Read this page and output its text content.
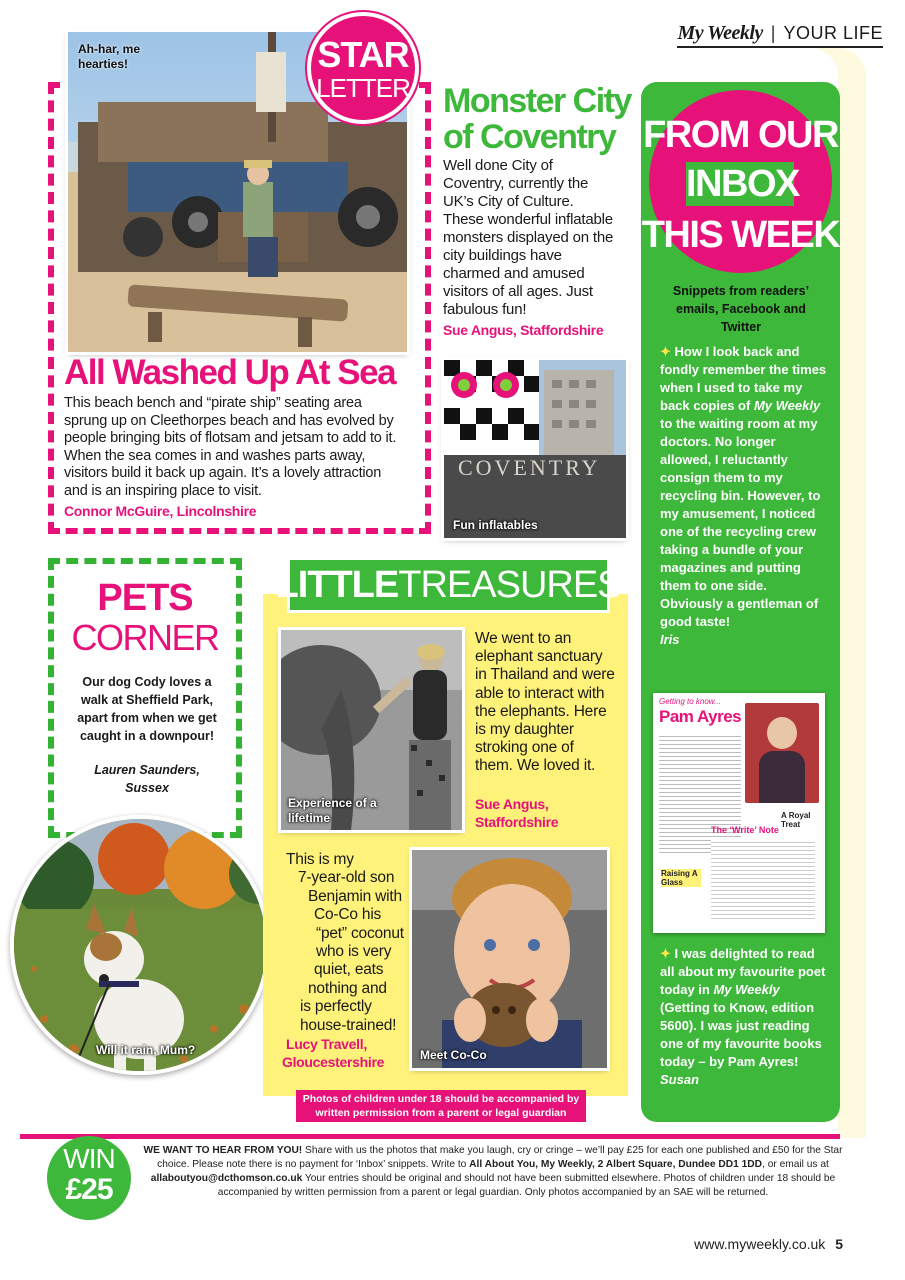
My Weekly | YOUR LIFE
Ah-har, me hearties!	STAR
LETTER
All Washed Up At Sea

This beach bench and “pirate ship” seating area sprung up on Cleethorpes beach and has evolved by people bringing bits of flotsam and jetsam to add to it. When the sea comes in and washes parts away, visitors build it back up again. It’s a lovely attraction and is an inspiring place to visit.

Connor McGuire, Lincolnshire
Monster City
of Coventry

Well done City of Coventry, currently the UK’s City of Culture. These wonderful inflatable monsters displayed on the city buildings have charmed and amused visitors of all ages. Just fabulous fun!

Sue Angus, Staffordshire
COVENTRY
Fun inflatables
FROM OUR
INBOX
THIS WEEK
Snippets from readers’ emails, Facebook and Twitter
✦ How I look back and fondly remember the times when I used to take my back copies of My Weekly to the waiting room at my doctors. No longer allowed, I reluctantly consign them to my recycling bin. However, to my amusement, I noticed one of the recycling crew taking a bundle of your magazines and putting them to one side. Obviously a gentleman of good taste!
Iris
Getting to know...
Pam Ayres
The ‘Write’ Note
A Royal Treat
Raising A Glass
✦ I was delighted to read all about my favourite poet today in My Weekly (Getting to Know, edition 5600). I was just reading one of my favourite books today – by Pam Ayres!
Susan
PETS
CORNER

Our dog Cody loves a walk at Sheffield Park, apart from when we get caught in a downpour!

Lauren Saunders,
Sussex
Will it rain, Mum?
LITTLE TREASURES
Experience of a lifetime

We went to an elephant sanctuary in Thailand and were able to interact with the elephants. Here is my daughter stroking one of them. We loved it.

Sue Angus,
Staffordshire
This is my
7-year-old son
Benjamin with
Co-Co his
“pet” coconut
who is very
quiet, eats
nothing and
is perfectly
house-trained!
Lucy Travell,
Gloucestershire	Meet Co-Co
Photos of children under 18 should be accompanied by written permission from a parent or legal guardian
WIN
£25
WE WANT TO HEAR FROM YOU! Share with us the photos that make you laugh, cry or cringe – we’ll pay £25 for each one published and £50 for the Star choice. Please note there is no payment for ‘Inbox’ snippets. Write to All About You, My Weekly, 2 Albert Square, Dundee DD1 1DD, or email us at allaboutyou@dcthomson.co.uk Your entries should be original and should not have been submitted elsewhere. Photos of children under 18 should be accompanied by written permission from a parent or legal guardian. Only photos accompanied by an SAE will be returned.
www.myweekly.co.uk 5
